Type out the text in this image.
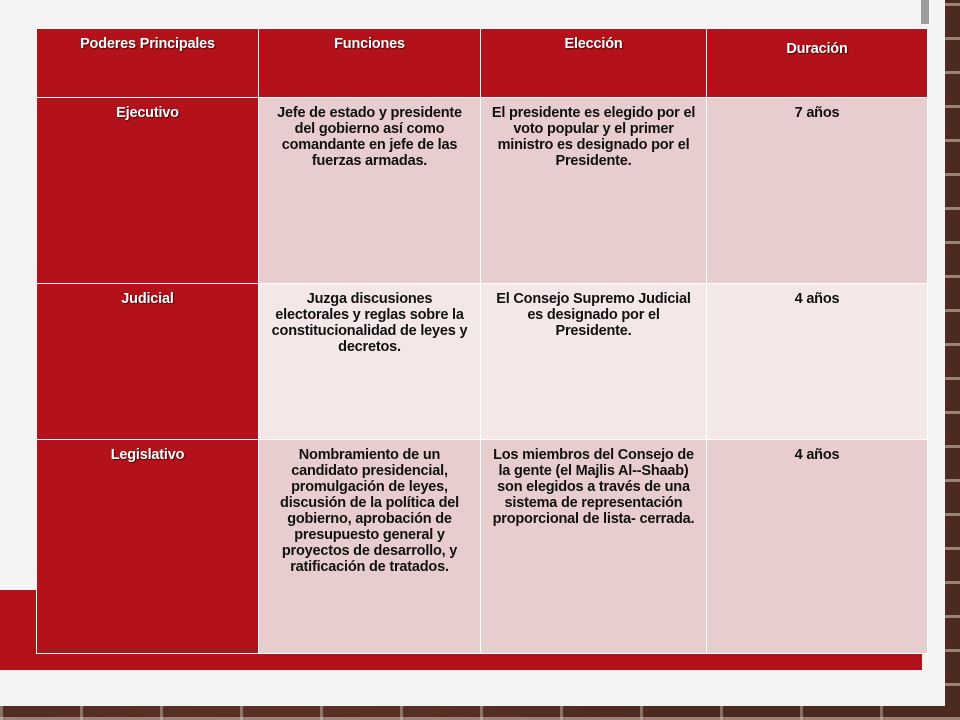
Poderes Principales	Funciones	Elección	Duración
Ejecutivo	Jefe de estado y presidente del gobierno así como comandante en jefe de las fuerzas armadas.	El presidente es elegido por el voto popular y el primer ministro es designado por el Presidente.	7 años
Judicial	Juzga discusiones electorales y reglas sobre la constitucionalidad de leyes y decretos.	El Consejo Supremo Judicial es designado por el Presidente.	4 años
Legislativo	Nombramiento de un candidato presidencial, promulgación de leyes, discusión de la política del gobierno, aprobación de presupuesto general y proyectos de desarrollo, y ratificación de tratados.	Los miembros del Consejo de la gente (el Majlis Al--Shaab) son elegidos a través de una sistema de representación proporcional de lista- cerrada.	4 años
